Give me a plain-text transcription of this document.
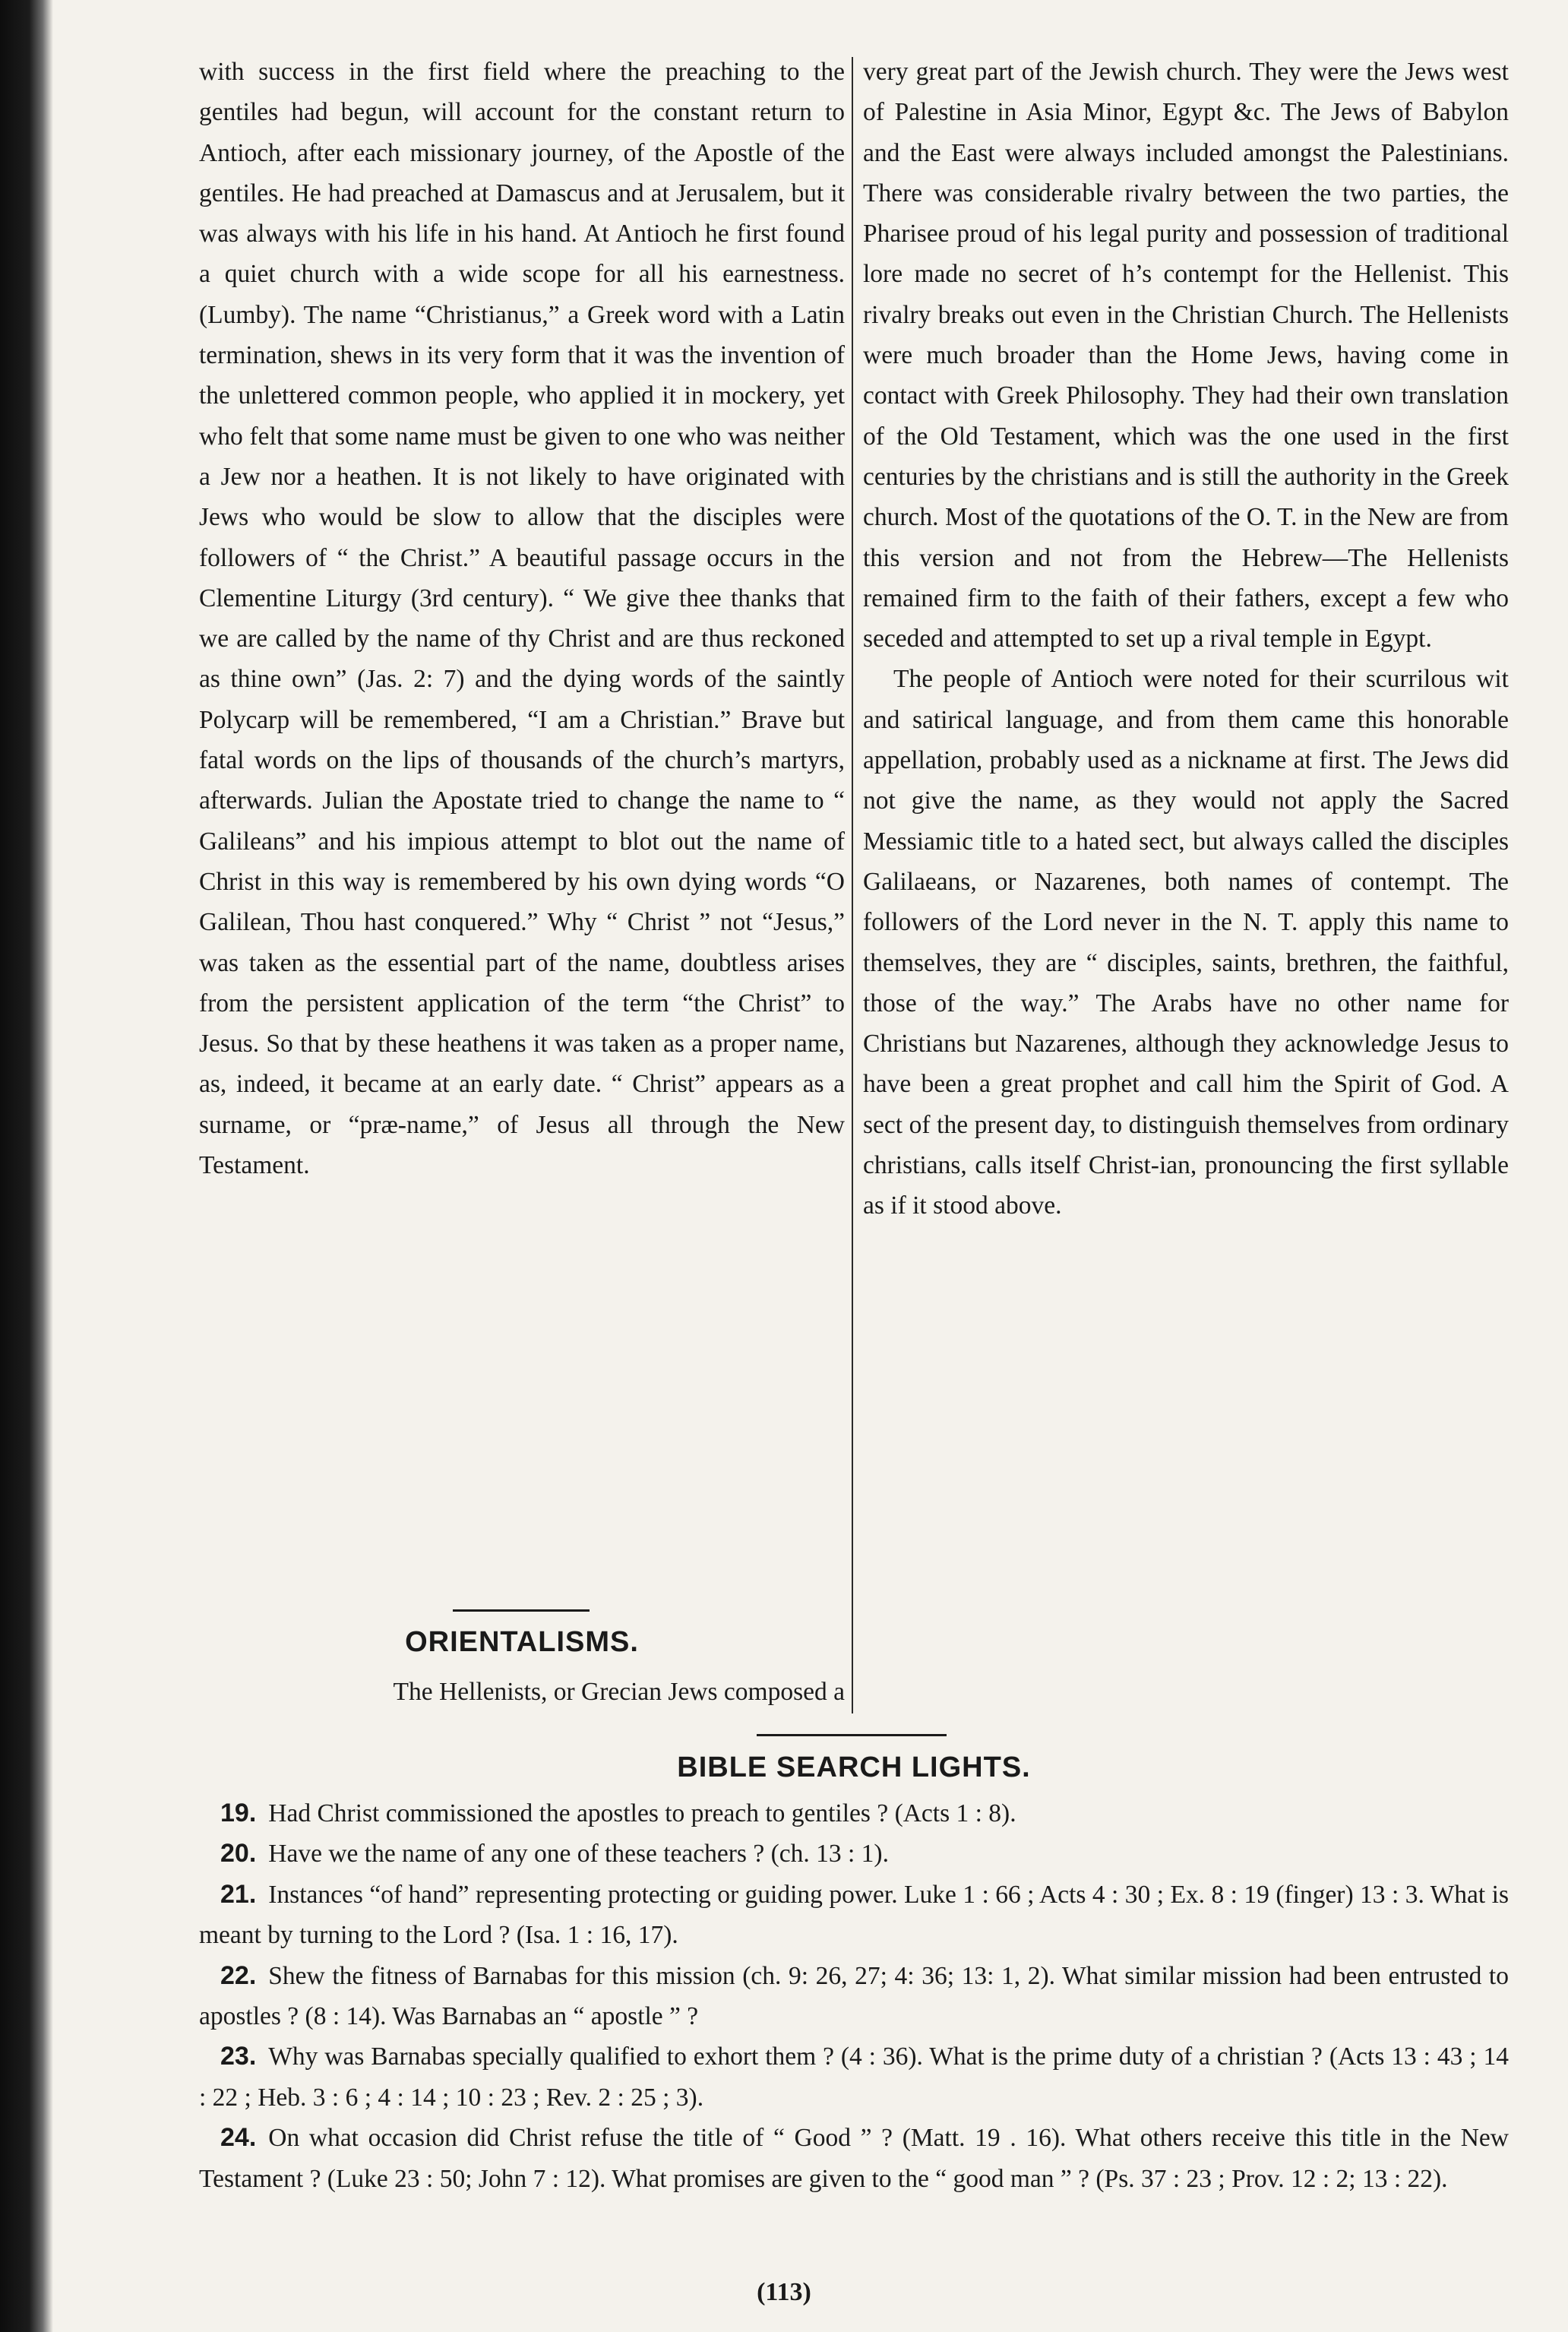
with success in the first field where the preaching to the gentiles had begun, will account for the constant return to Antioch, after each missionary journey, of the Apostle of the gentiles. He had preached at Damascus and at Jerusalem, but it was always with his life in his hand. At Antioch he first found a quiet church with a wide scope for all his earnestness. (Lumby). The name “Christianus,” a Greek word with a Latin termination, shews in its very form that it was the invention of the unlettered common people, who applied it in mockery, yet who felt that some name must be given to one who was neither a Jew nor a heathen. It is not likely to have originated with Jews who would be slow to allow that the disciples were followers of “ the Christ.” A beautiful passage occurs in the Clementine Liturgy (3rd century). “ We give thee thanks that we are called by the name of thy Christ and are thus reckoned as thine own” (Jas. 2: 7) and the dying words of the saintly Polycarp will be remembered, “I am a Christian.” Brave but fatal words on the lips of thousands of the church’s martyrs, afterwards. Julian the Apostate tried to change the name to “ Galileans” and his impious attempt to blot out the name of Christ in this way is remembered by his own dying words “O Galilean, Thou hast conquered.” Why “ Christ ” not “Jesus,” was taken as the essential part of the name, doubtless arises from the persistent application of the term “the Christ” to Jesus. So that by these heathens it was taken as a proper name, as, indeed, it became at an early date. “ Christ” appears as a surname, or “præ-name,” of Jesus all through the New Testament.

very great part of the Jewish church. They were the Jews west of Palestine in Asia Minor, Egypt &c. The Jews of Babylon and the East were always included amongst the Palestinians. There was considerable rivalry between the two parties, the Pharisee proud of his legal purity and possession of traditional lore made no secret of h’s contempt for the Hellenist. This rivalry breaks out even in the Christian Church. The Hellenists were much broader than the Home Jews, having come in contact with Greek Philosophy. They had their own translation of the Old Testament, which was the one used in the first centuries by the christians and is still the authority in the Greek church. Most of the quotations of the O. T. in the New are from this version and not from the Hebrew—The Hellenists remained firm to the faith of their fathers, except a few who seceded and attempted to set up a rival temple in Egypt.

The people of Antioch were noted for their scurrilous wit and satirical language, and from them came this honorable appellation, probably used as a nickname at first. The Jews did not give the name, as they would not apply the Sacred Messiamic title to a hated sect, but always called the disciples Galilaeans, or Nazarenes, both names of contempt. The followers of the Lord never in the N. T. apply this name to themselves, they are “ disciples, saints, brethren, the faithful, those of the way.” The Arabs have no other name for Christians but Nazarenes, although they acknowledge Jesus to have been a great prophet and call him the Spirit of God. A sect of the present day, to distinguish themselves from ordinary christians, calls itself Christ-ian, pronouncing the first syllable as if it stood above.

ORIENTALISMS.
The Hellenists, or Grecian Jews composed a
BIBLE SEARCH LIGHTS.

19. Had Christ commissioned the apostles to preach to gentiles ? (Acts 1 : 8).

20. Have we the name of any one of these teachers ? (ch. 13 : 1).

21. Instances “of hand” representing protecting or guiding power. Luke 1 : 66 ; Acts 4 : 30 ; Ex. 8 : 19 (finger) 13 : 3. What is meant by turning to the Lord ? (Isa. 1 : 16, 17).

22. Shew the fitness of Barnabas for this mission (ch. 9: 26, 27; 4: 36; 13: 1, 2). What similar mission had been entrusted to apostles ? (8 : 14). Was Barnabas an “ apostle ” ?

23. Why was Barnabas specially qualified to exhort them ? (4 : 36). What is the prime duty of a christian ? (Acts 13 : 43 ; 14 : 22 ; Heb. 3 : 6 ; 4 : 14 ; 10 : 23 ; Rev. 2 : 25 ; 3).

24. On what occasion did Christ refuse the title of “ Good ” ? (Matt. 19 . 16). What others receive this title in the New Testament ? (Luke 23 : 50; John 7 : 12). What promises are given to the “ good man ” ? (Ps. 37 : 23 ; Prov. 12 : 2; 13 : 22).

(113)
